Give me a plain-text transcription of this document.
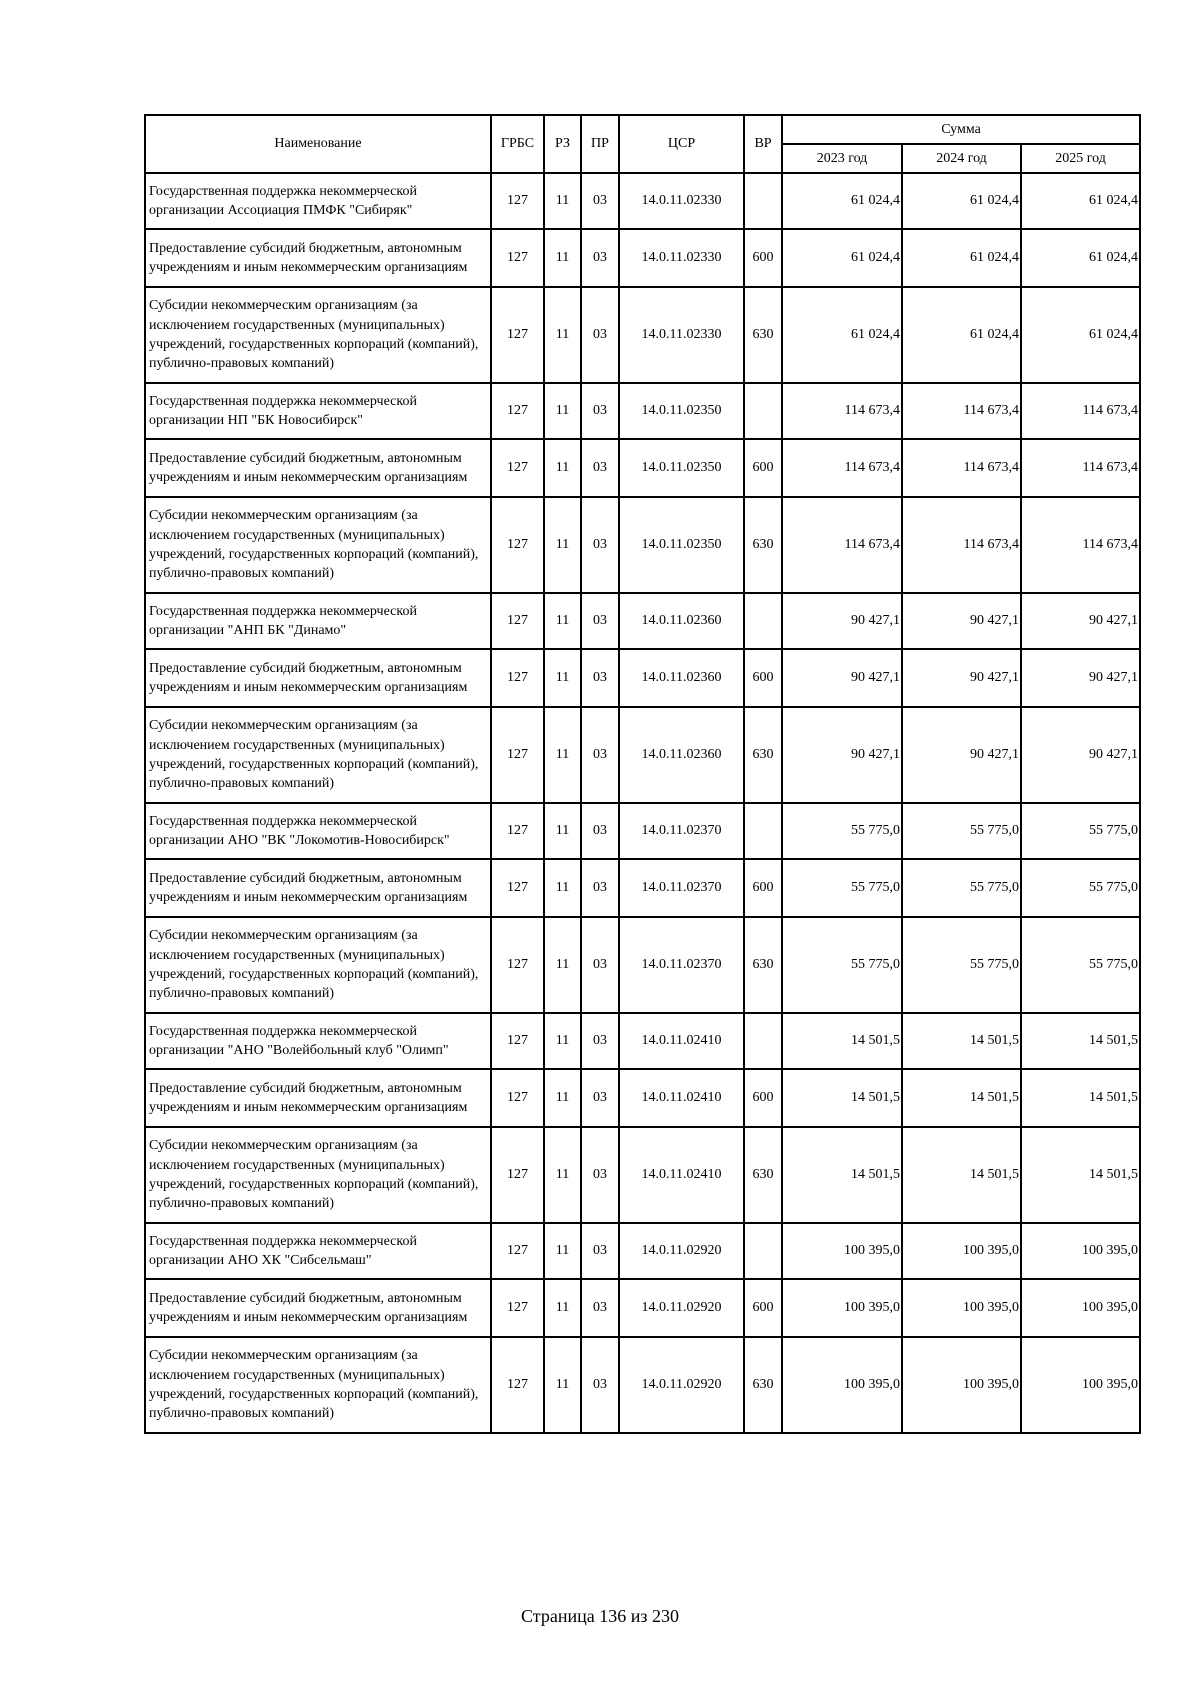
Наименование	ГРБС	РЗ	ПР	ЦСР	ВР	Сумма		
						2023 год	2024 год	2025 год
Государственная поддержка некоммерческой организации Ассоциация ПМФК "Сибиряк"	127	11	03	14.0.11.02330		61 024,4	61 024,4	61 024,4
Предоставление субсидий бюджетным, автономным учреждениям и иным некоммерческим организациям	127	11	03	14.0.11.02330	600	61 024,4	61 024,4	61 024,4
Субсидии некоммерческим организациям (за исключением государственных (муниципальных) учреждений, государственных корпораций (компаний), публично-правовых компаний)	127	11	03	14.0.11.02330	630	61 024,4	61 024,4	61 024,4
Государственная поддержка некоммерческой организации НП "БК Новосибирск"	127	11	03	14.0.11.02350		114 673,4	114 673,4	114 673,4
Предоставление субсидий бюджетным, автономным учреждениям и иным некоммерческим организациям	127	11	03	14.0.11.02350	600	114 673,4	114 673,4	114 673,4
Субсидии некоммерческим организациям (за исключением государственных (муниципальных) учреждений, государственных корпораций (компаний), публично-правовых компаний)	127	11	03	14.0.11.02350	630	114 673,4	114 673,4	114 673,4
Государственная поддержка некоммерческой организации "АНП БК "Динамо"	127	11	03	14.0.11.02360		90 427,1	90 427,1	90 427,1
Предоставление субсидий бюджетным, автономным учреждениям и иным некоммерческим организациям	127	11	03	14.0.11.02360	600	90 427,1	90 427,1	90 427,1
Субсидии некоммерческим организациям (за исключением государственных (муниципальных) учреждений, государственных корпораций (компаний), публично-правовых компаний)	127	11	03	14.0.11.02360	630	90 427,1	90 427,1	90 427,1
Государственная поддержка некоммерческой организации АНО "ВК "Локомотив-Новосибирск"	127	11	03	14.0.11.02370		55 775,0	55 775,0	55 775,0
Предоставление субсидий бюджетным, автономным учреждениям и иным некоммерческим организациям	127	11	03	14.0.11.02370	600	55 775,0	55 775,0	55 775,0
Субсидии некоммерческим организациям (за исключением государственных (муниципальных) учреждений, государственных корпораций (компаний), публично-правовых компаний)	127	11	03	14.0.11.02370	630	55 775,0	55 775,0	55 775,0
Государственная поддержка некоммерческой организации "АНО "Волейбольный клуб "Олимп"	127	11	03	14.0.11.02410		14 501,5	14 501,5	14 501,5
Предоставление субсидий бюджетным, автономным учреждениям и иным некоммерческим организациям	127	11	03	14.0.11.02410	600	14 501,5	14 501,5	14 501,5
Субсидии некоммерческим организациям (за исключением государственных (муниципальных) учреждений, государственных корпораций (компаний), публично-правовых компаний)	127	11	03	14.0.11.02410	630	14 501,5	14 501,5	14 501,5
Государственная поддержка некоммерческой организации АНО ХК "Сибсельмаш"	127	11	03	14.0.11.02920		100 395,0	100 395,0	100 395,0
Предоставление субсидий бюджетным, автономным учреждениям и иным некоммерческим организациям	127	11	03	14.0.11.02920	600	100 395,0	100 395,0	100 395,0
Субсидии некоммерческим организациям (за исключением государственных (муниципальных) учреждений, государственных корпораций (компаний), публично-правовых компаний)	127	11	03	14.0.11.02920	630	100 395,0	100 395,0	100 395,0
Страница 136 из 230
